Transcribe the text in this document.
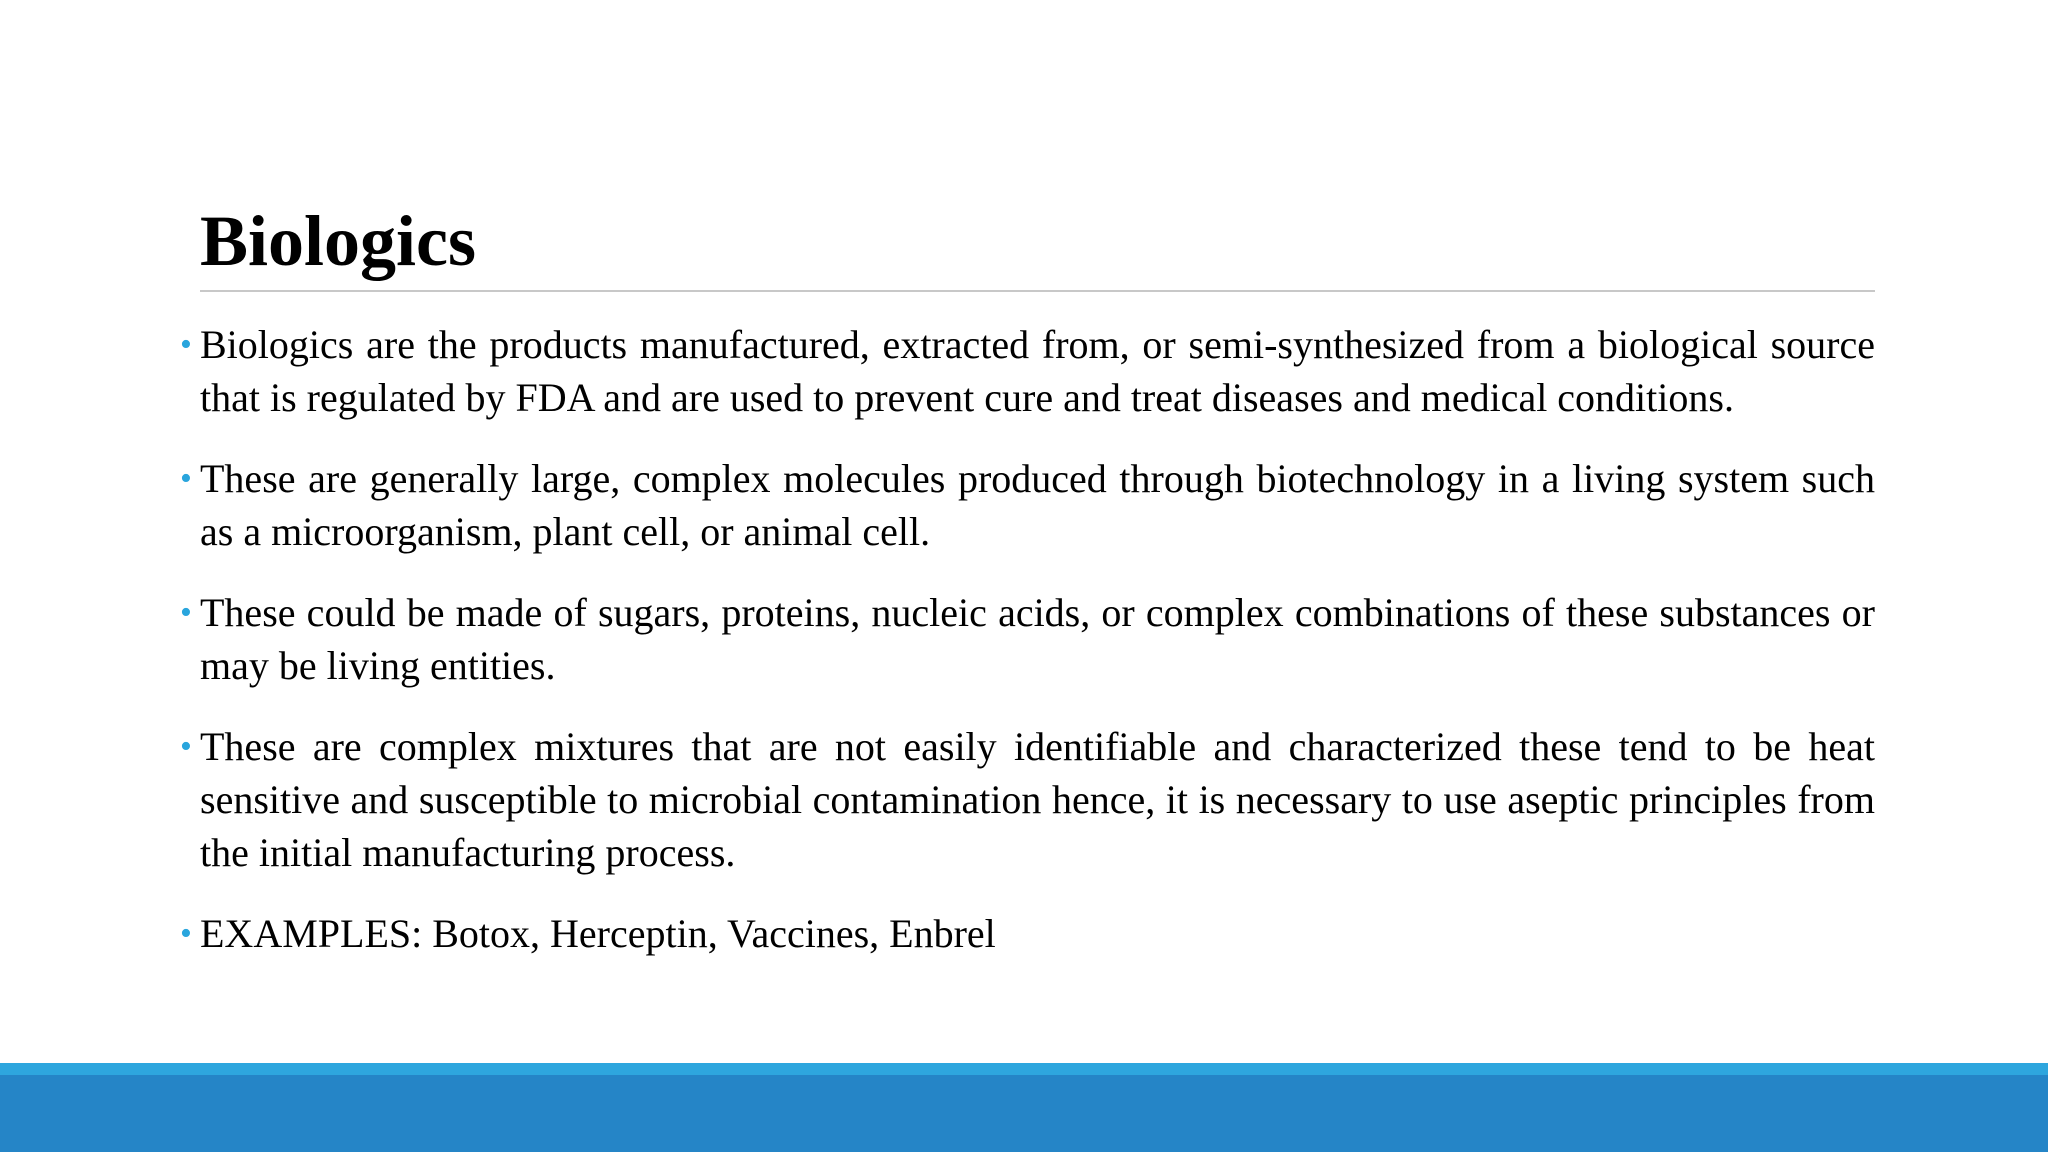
Biologics
• Biologics are the products manufactured, extracted from, or semi-synthesized from a biological source that is regulated by FDA and are used to prevent cure and treat diseases and medical conditions.
• These are generally large, complex molecules produced through biotechnology in a living system such as a microorganism, plant cell, or animal cell.
• These could be made of sugars, proteins, nucleic acids, or complex combinations of these substances or may be living entities.
• These are complex mixtures that are not easily identifiable and characterized these tend to be heat sensitive and susceptible to microbial contamination hence, it is necessary to use aseptic principles from the initial manufacturing process.
• EXAMPLES: Botox, Herceptin, Vaccines, Enbrel
